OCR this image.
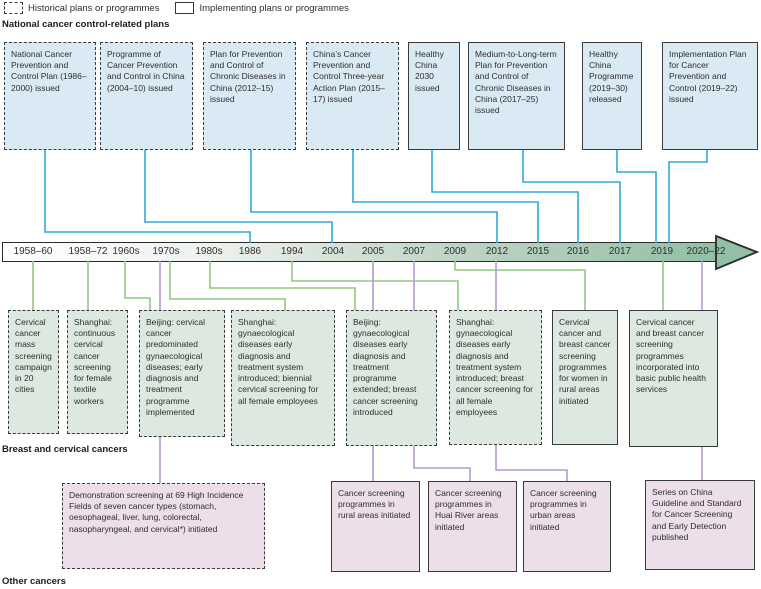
Historical plans or programmes	Implementing plans or programmes
National cancer control-related plans
Breast and cervical cancers
Other cancers
1958–60 1958–72 1960s 1970s 1980s 1986 1994 2004 2005 2007 2009 2012 2015 2016 2017 2019 2020–22
National Cancer Prevention and Control Plan (1986–2000) issued
Programme of Cancer Prevention and Control in China (2004–10) issued
Plan for Prevention and Control of Chronic Diseases in China (2012–15) issued
China’s Cancer Prevention and Control Three-year Action Plan (2015–17) issued
Healthy China 2030 issued
Medium-to-Long-term Plan for Prevention and Control of Chronic Diseases in China (2017–25) issued
Healthy China Programme (2019–30) released
Implementation Plan for Cancer Prevention and Control (2019–22) issued
Cervical cancer mass screening campaign in 20 cities
Shanghai: continuous cervical cancer screening for female textile workers
Beijing: cervical cancer predominated gynaecological diseases; early diagnosis and treatment programme implemented
Shanghai: gynaecological diseases early diagnosis and treatment system introduced; biennial cervical screening for all female employees
Beijing: gynaecological diseases early diagnosis and treatment programme extended; breast cancer screening introduced
Shanghai: gynaecological diseases early diagnosis and treatment system introduced; breast cancer screening for all female employees
Cervical cancer and breast cancer screening programmes for women in rural areas initiated
Cervical cancer and breast cancer screening programmes incorporated into basic public health services
Demonstration screening at 69 High Incidence Fields of seven cancer types (stomach, oesophageal, liver, lung, colorectal, nasopharyngeal, and cervical*) initiated
Cancer screening programmes in rural areas initiated
Cancer screening programmes in Huai River areas initiated
Cancer screening programmes in urban areas initiated
Series on China Guideline and Standard for Cancer Screening and Early Detection published
